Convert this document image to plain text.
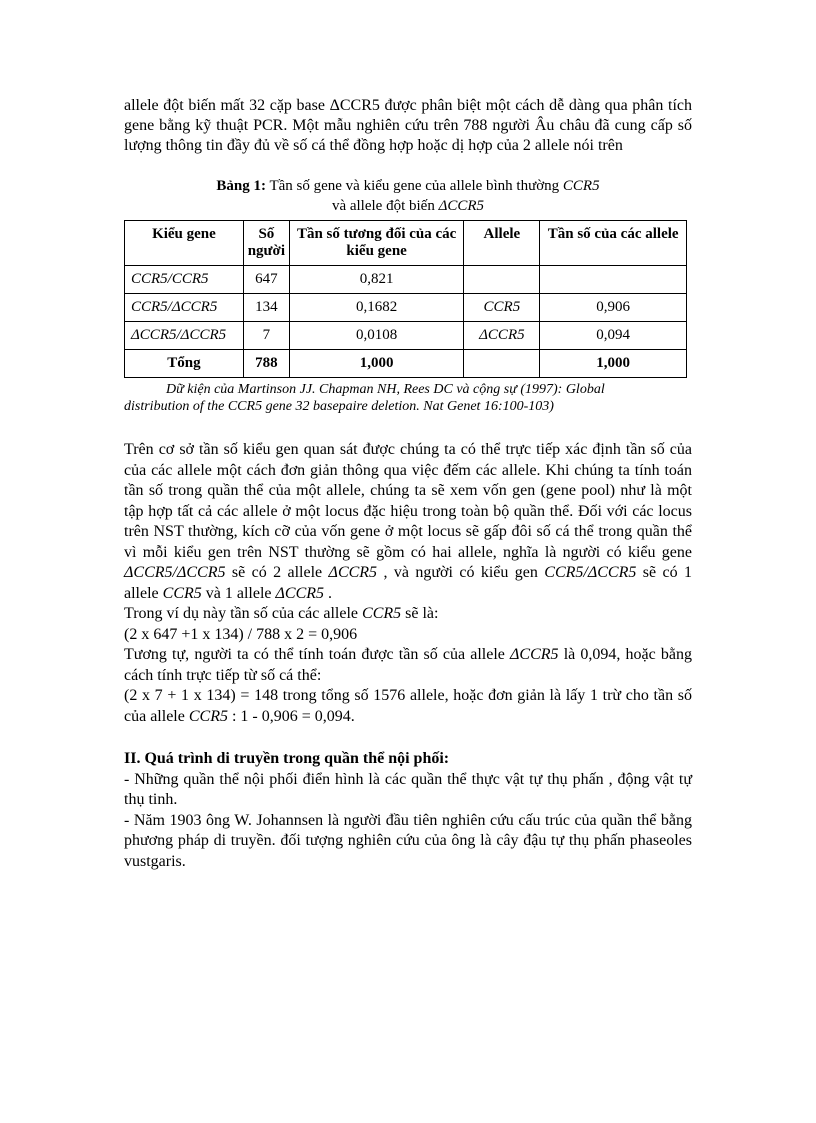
allele đột biến mất 32 cặp base ΔCCR5 được phân biệt một cách dễ dàng qua phân tích gene bằng kỹ thuật PCR. Một mẫu nghiên cứu trên 788 người Âu châu đã cung cấp số lượng thông tin đầy đủ về số cá thể đồng hợp hoặc dị hợp của 2 allele nói trên

Bảng 1: Tần số gene và kiểu gene của allele bình thường CCR5
và allele đột biến ΔCCR5
Kiểu gene	Số người	Tần số tương đối của các kiểu gene	Allele	Tần số của các allele
CCR5/CCR5	647	0,821		
CCR5/ΔCCR5	134	0,1682	CCR5	0,906
ΔCCR5/ΔCCR5	7	0,0108	ΔCCR5	0,094
Tổng	788	1,000		1,000
Dữ kiện của Martinson JJ. Chapman NH, Rees DC và cộng sự (1997): Global
distribution of the CCR5 gene 32 basepaire deletion. Nat Genet 16:100-103)

Trên cơ sở tần số kiểu gen quan sát được chúng ta có thể trực tiếp xác định tần số của của các allele một cách đơn giản thông qua việc đếm các allele. Khi chúng ta tính toán tần số trong quần thể của một allele, chúng ta sẽ xem vốn gen (gene pool) như là một tập hợp tất cả các allele ở một locus đặc hiệu trong toàn bộ quần thể. Đối với các locus trên NST thường, kích cỡ của vốn gene ở một locus sẽ gấp đôi số cá thể trong quần thể vì mỗi kiểu gen trên NST thường sẽ gồm có hai allele, nghĩa là người có kiểu gene ΔCCR5/ΔCCR5 sẽ có 2 allele ΔCCR5 , và người có kiểu gen CCR5/ΔCCR5 sẽ có 1 allele CCR5 và 1 allele ΔCCR5 .

Trong ví dụ này tần số của các allele CCR5 sẽ là:

(2 x 647 +1 x 134) / 788 x 2 = 0,906

Tương tự, người ta có thể tính toán được tần số của allele ΔCCR5 là 0,094, hoặc bằng cách tính trực tiếp từ số cá thể:

(2 x 7 + 1 x 134) = 148 trong tổng số 1576 allele, hoặc đơn giản là lấy 1 trừ cho tần số của allele CCR5 : 1 - 0,906 = 0,094.

II. Quá trình di truyền trong quần thể nội phối:

- Những quần thể nội phối điển hình là các quần thể thực vật tự thụ phấn , động vật tự thụ tinh.

- Năm 1903 ông W. Johannsen là người đầu tiên nghiên cứu cấu trúc của quần thể bằng phương pháp di truyền. đối tượng nghiên cứu của ông là cây đậu tự thụ phấn phaseoles vustgaris.
